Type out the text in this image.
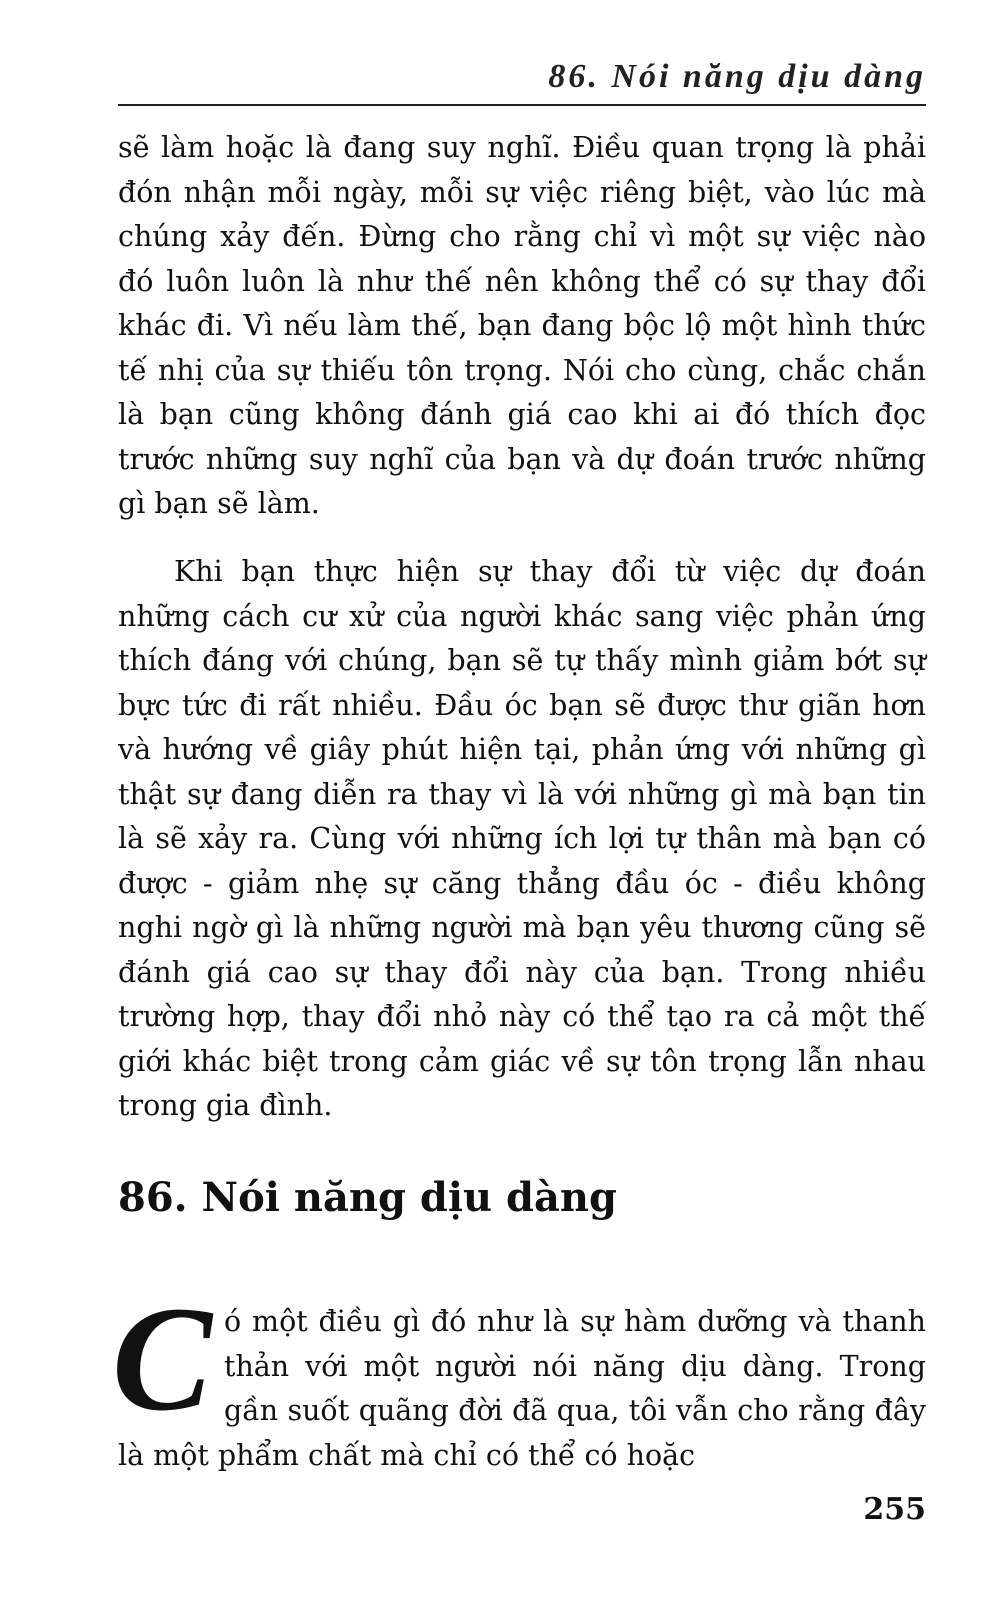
86. Nói năng dịu dàng

sẽ làm hoặc là đang suy nghĩ. Điều quan trọng là phải đón nhận mỗi ngày, mỗi sự việc riêng biệt, vào lúc mà chúng xảy đến. Đừng cho rằng chỉ vì một sự việc nào đó luôn luôn là như thế nên không thể có sự thay đổi khác đi. Vì nếu làm thế, bạn đang bộc lộ một hình thức tế nhị của sự thiếu tôn trọng. Nói cho cùng, chắc chắn là bạn cũng không đánh giá cao khi ai đó thích đọc trước những suy nghĩ của bạn và dự đoán trước những gì bạn sẽ làm.

Khi bạn thực hiện sự thay đổi từ việc dự đoán những cách cư xử của người khác sang việc phản ứng thích đáng với chúng, bạn sẽ tự thấy mình giảm bớt sự bực tức đi rất nhiều. Đầu óc bạn sẽ được thư giãn hơn và hướng về giây phút hiện tại, phản ứng với những gì thật sự đang diễn ra thay vì là với những gì mà bạn tin là sẽ xảy ra. Cùng với những ích lợi tự thân mà bạn có được - giảm nhẹ sự căng thẳng đầu óc - điều không nghi ngờ gì là những người mà bạn yêu thương cũng sẽ đánh giá cao sự thay đổi này của bạn. Trong nhiều trường hợp, thay đổi nhỏ này có thể tạo ra cả một thế giới khác biệt trong cảm giác về sự tôn trọng lẫn nhau trong gia đình.

86. Nói năng dịu dàng

Có một điều gì đó như là sự hàm dưỡng và thanh thản với một người nói năng dịu dàng. Trong gần suốt quãng đời đã qua, tôi vẫn cho rằng đây là một phẩm chất mà chỉ có thể có hoặc

255
